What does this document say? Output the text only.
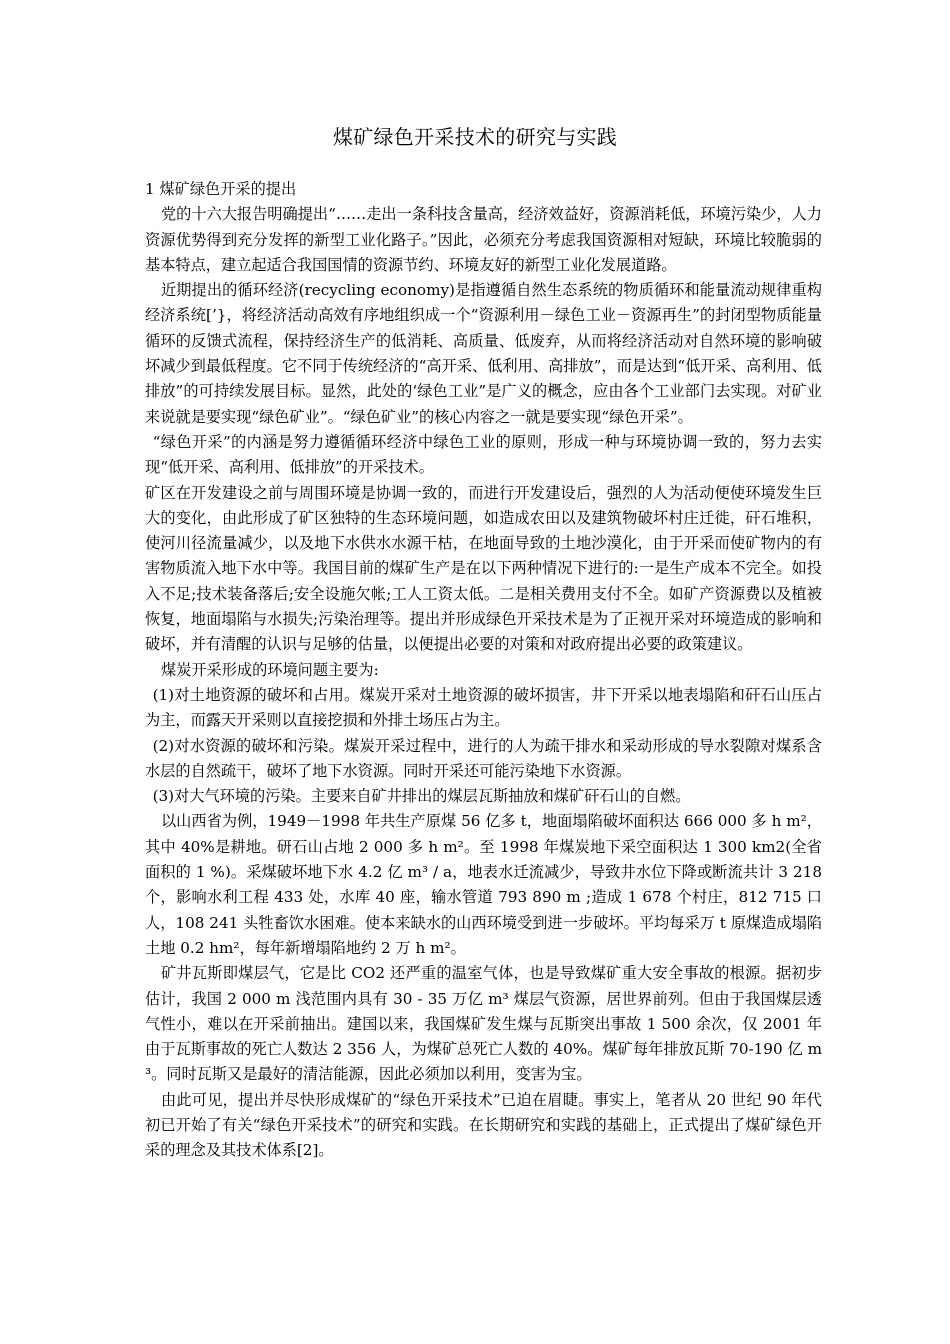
煤矿绿色开采技术的研究与实践

1 煤矿绿色开采的提出

党的十六大报告明确提出“……走出一条科技含量高，经济效益好，资源消耗低，环境污染少，人力资源优势得到充分发挥的新型工业化路子。”因此，必须充分考虑我国资源相对短缺，环境比较脆弱的基本特点，建立起适合我国国情的资源节约、环境友好的新型工业化发展道路。

近期提出的循环经济(recycling economy)是指遵循自然生态系统的物质循环和能量流动规律重构经济系统[’}，将经济活动高效有序地组织成一个“资源利用－绿色工业－资源再生”的封闭型物质能量循环的反馈式流程，保持经济生产的低消耗、高质量、低废弃，从而将经济活动对自然环境的影响破坏减少到最低程度。它不同于传统经济的“高开采、低利用、高排放”，而是达到“低开采、高利用、低排放”的可持续发展目标。显然，此处的‘绿色工业”是广义的概念，应由各个工业部门去实现。对矿业来说就是要实现“绿色矿业”。“绿色矿业”的核心内容之一就是要实现“绿色开采”。

“绿色开采”的内涵是努力遵循循环经济中绿色工业的原则，形成一种与环境协调一致的，努力去实现“低开采、高利用、低排放”的开采技术。

矿区在开发建设之前与周围环境是协调一致的，而进行开发建设后，强烈的人为活动便使环境发生巨大的变化，由此形成了矿区独特的生态环境问题，如造成农田以及建筑物破坏村庄迁徙，矸石堆积，使河川径流量减少，以及地下水供水水源干枯，在地面导致的土地沙漠化，由于开采而使矿物内的有害物质流入地下水中等。我国目前的煤矿生产是在以下两种情况下进行的:一是生产成本不完全。如投入不足;技术装备落后;安全设施欠帐;工人工资太低。二是相关费用支付不全。如矿产资源费以及植被恢复，地面塌陷与水损失;污染治理等。提出并形成绿色开采技术是为了正视开采对环境造成的影响和破坏，并有清醒的认识与足够的估量，以便提出必要的对策和对政府提出必要的政策建议。

煤炭开采形成的环境问题主要为:

(1)对土地资源的破坏和占用。煤炭开采对土地资源的破坏损害，井下开采以地表塌陷和矸石山压占为主，而露天开采则以直接挖损和外排土场压占为主。

(2)对水资源的破坏和污染。煤炭开采过程中，进行的人为疏干排水和采动形成的导水裂隙对煤系含水层的自然疏干，破坏了地下水资源。同时开采还可能污染地下水资源。

(3)对大气环境的污染。主要来自矿井排出的煤层瓦斯抽放和煤矿矸石山的自燃。

以山西省为例，1949－1998 年共生产原煤 56 亿多 t，地面塌陷破坏面积达 666 000 多 h m²，其中 40%是耕地。研石山占地 2 000 多 h m²。至 1998 年煤炭地下采空面积达 1 300 km2(全省面积的 1 %)。采煤破坏地下水 4.2 亿 m³ / a，地表水迁流减少，导致井水位下降或断流共计 3 218 个，影响水利工程 433 处，水库 40 座，输水管道 793 890 m ;造成 1 678 个村庄，812 715 口人，108 241 头牲畜饮水困难。使本来缺水的山西环境受到进一步破坏。平均每采万 t 原煤造成塌陷土地 0.2 hm²，每年新增塌陷地约 2 万 h m²。

矿井瓦斯即煤层气，它是比 CO2 还严重的温室气体，也是导致煤矿重大安全事故的根源。据初步估计，我国 2 000 m 浅范围内具有 30 - 35 万亿 m³ 煤层气资源，居世界前列。但由于我国煤层透气性小，难以在开采前抽出。建国以来，我国煤矿发生煤与瓦斯突出事故 1 500 余次，仅 2001 年由于瓦斯事故的死亡人数达 2 356 人，为煤矿总死亡人数的 40%。煤矿每年排放瓦斯 70-190 亿 m³。同时瓦斯又是最好的清洁能源，因此必须加以利用，变害为宝。

由此可见，提出并尽快形成煤矿的“绿色开采技术”已迫在眉睫。事实上，笔者从 20 世纪 90 年代初已开始了有关“绿色开采技术”的研究和实践。在长期研究和实践的基础上，正式提出了煤矿绿色开采的理念及其技术体系[2]。
